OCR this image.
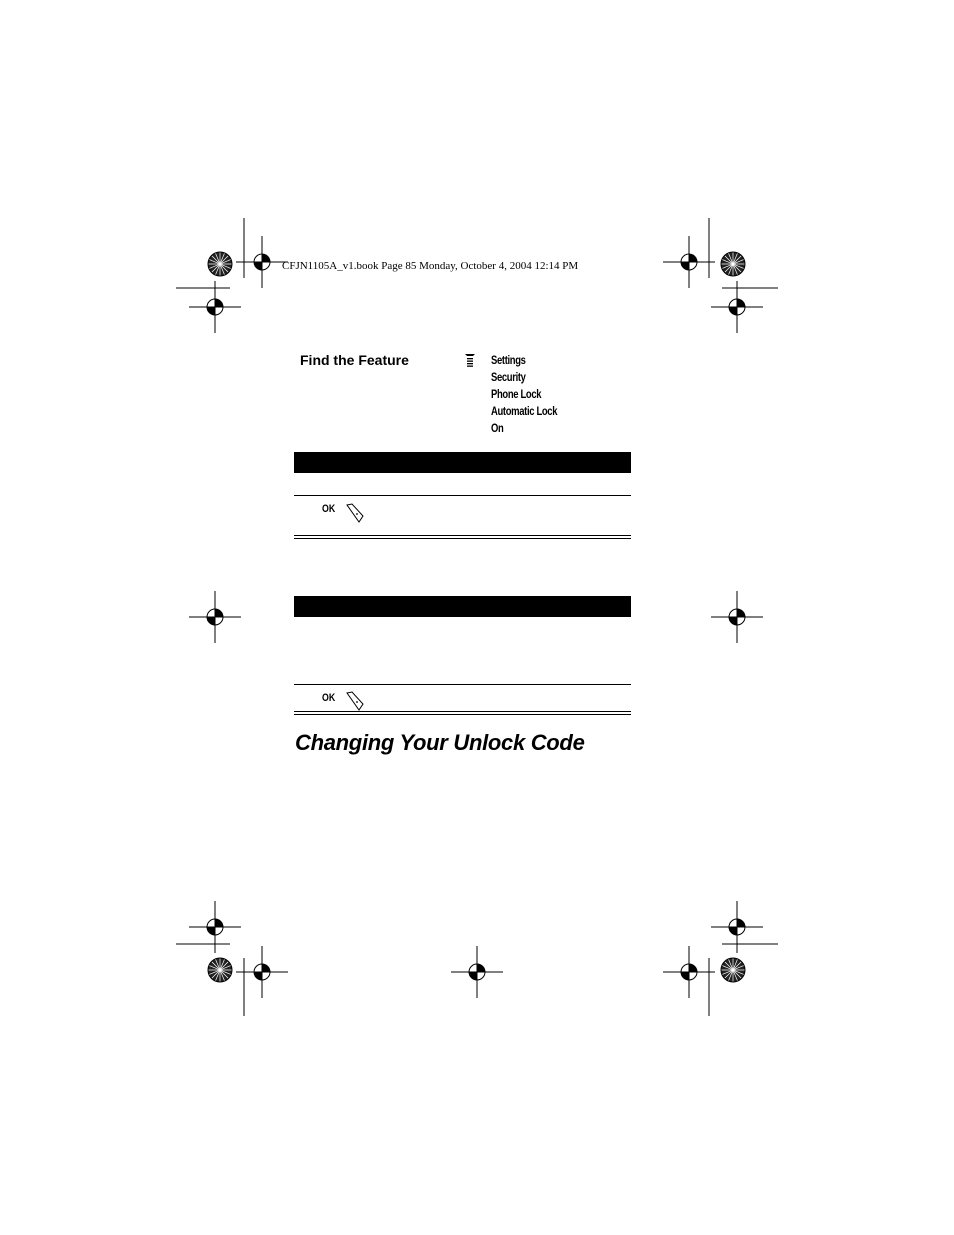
CFJN1105A_v1.book Page 85 Monday, October 4, 2004 12:14 PM
Find the Feature	Settings
Security
Phone Lock
Automatic Lock
On
OK
OK
Changing Your Unlock Code
